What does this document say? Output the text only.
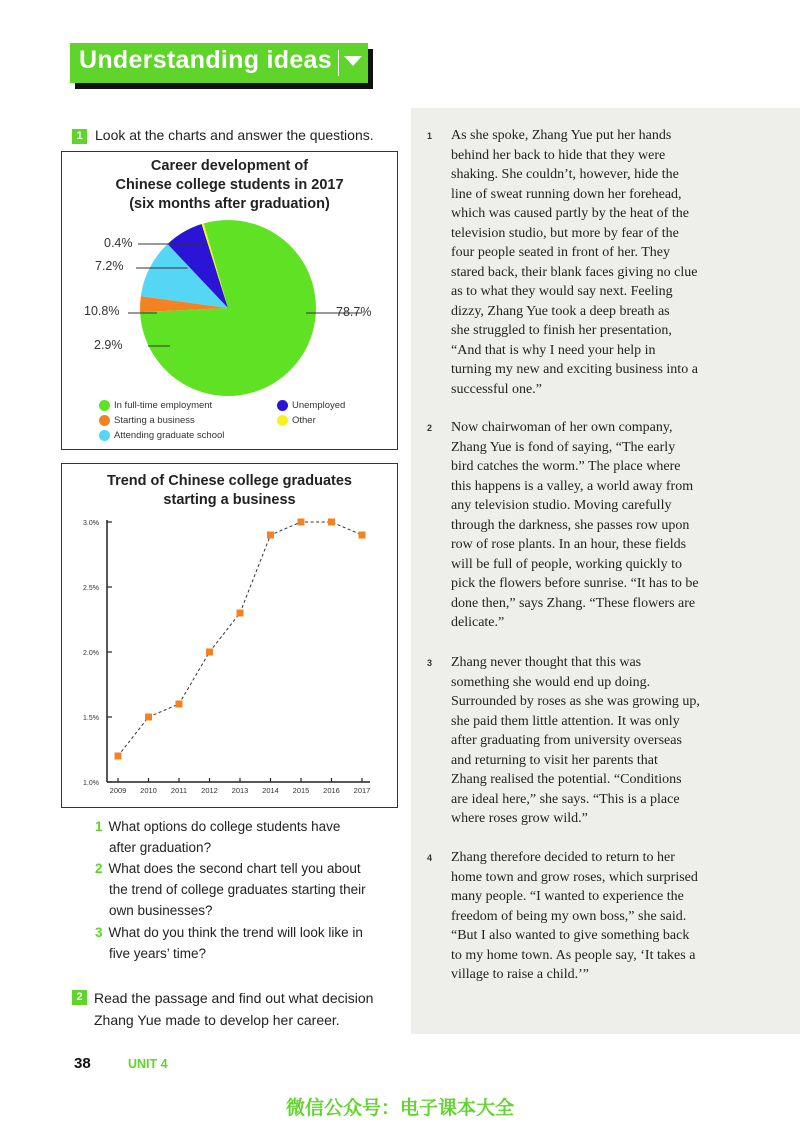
Understanding ideas
1 Look at the charts and answer the questions.
Career development of
Chinese college students in 2017
(six months after graduation)
0.4%
7.2%
10.8%
2.9%
78.7%
In full-time employment	Unemployed
Starting a business	Other
Attending graduate school
Trend of Chinese college graduates
starting a business
1.0%
1.5%
2.0%
2.5%
3.0%
2009 2010 2011 2012 2013 2014 2015 2016 2017
1 What options do college students have
after graduation?
2 What does the second chart tell you about
the trend of college graduates starting their
own businesses?
3 What do you think the trend will look like in
five years’ time?
2 Read the passage and find out what decision
Zhang Yue made to develop her career.
1 As she spoke, Zhang Yue put her hands
behind her back to hide that they were
shaking. She couldn’t, however, hide the
line of sweat running down her forehead,
which was caused partly by the heat of the
television studio, but more by fear of the
four people seated in front of her. They
stared back, their blank faces giving no clue
as to what they would say next. Feeling
dizzy, Zhang Yue took a deep breath as
she struggled to finish her presentation,
“And that is why I need your help in
turning my new and exciting business into a
successful one.”
2 Now chairwoman of her own company,
Zhang Yue is fond of saying, “The early
bird catches the worm.” The place where
this happens is a valley, a world away from
any television studio. Moving carefully
through the darkness, she passes row upon
row of rose plants. In an hour, these fields
will be full of people, working quickly to
pick the flowers before sunrise. “It has to be
done then,” says Zhang. “These flowers are
delicate.”
3 Zhang never thought that this was
something she would end up doing.
Surrounded by roses as she was growing up,
she paid them little attention. It was only
after graduating from university overseas
and returning to visit her parents that
Zhang realised the potential. “Conditions
are ideal here,” she says. “This is a place
where roses grow wild.”
4 Zhang therefore decided to return to her
home town and grow roses, which surprised
many people. “I wanted to experience the
freedom of being my own boss,” she said.
“But I also wanted to give something back
to my home town. As people say, ‘It takes a
village to raise a child.’”
38	UNIT 4
微信公众号：电子课本大全
